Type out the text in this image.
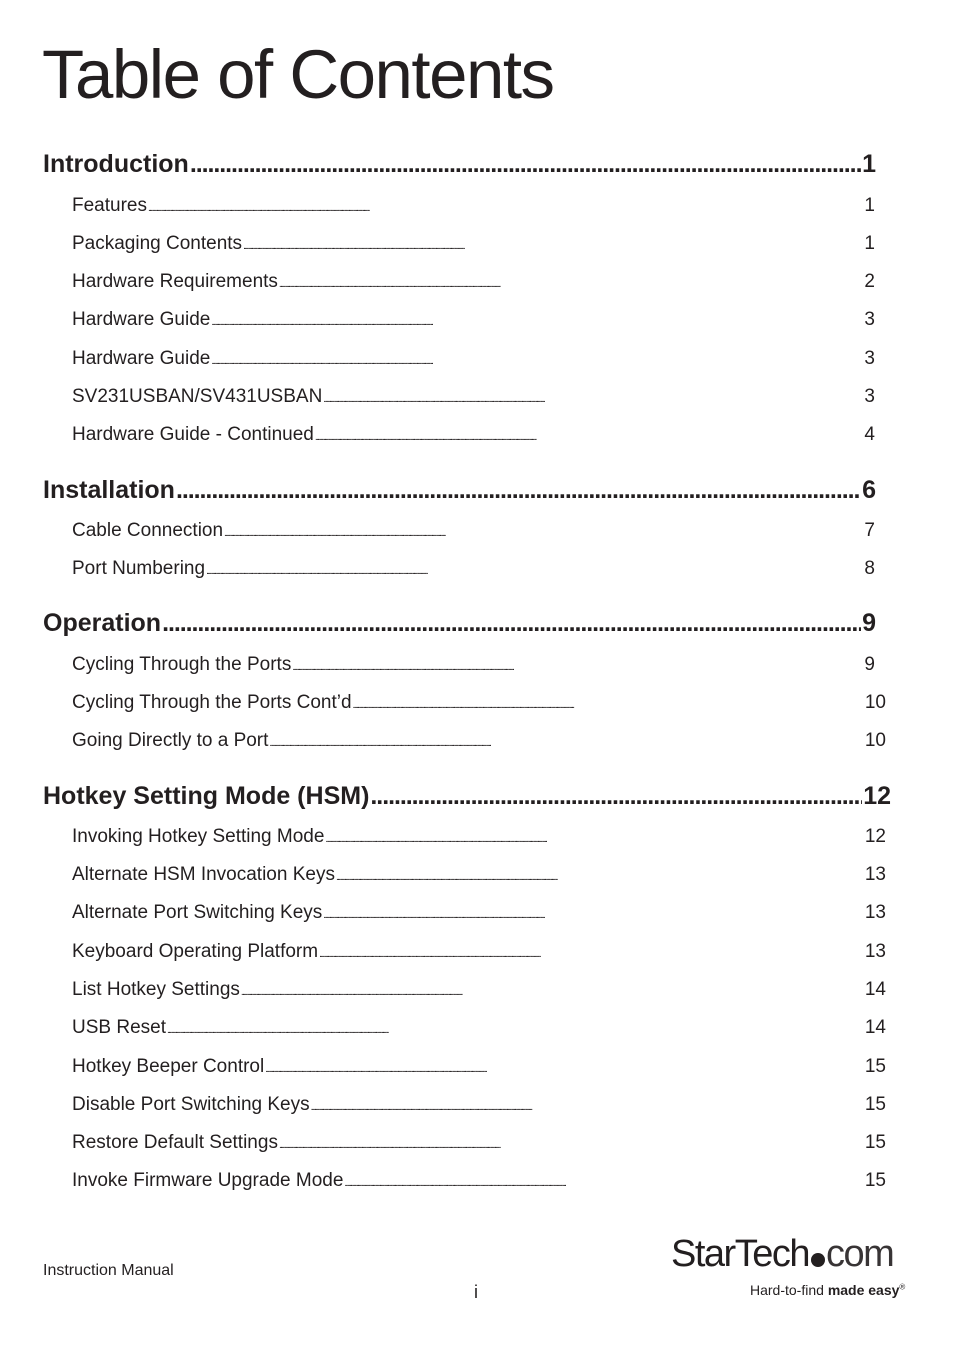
Table of Contents
Introduction . . .	1
Features . . .	1
Packaging Contents . . .	1
Hardware Requirements . . .	2
Hardware Guide . . .	3
Hardware Guide . . .	3
SV231USBAN/SV431USBAN . . .	3
Hardware Guide - Continued . . .	4
Installation . . .	6
Cable Connection . . .	7
Port Numbering . . .	8
Operation . . .	9
Cycling Through the Ports . . .	9
Cycling Through the Ports Cont’d . . .	10
Going Directly to a Port . . .	10
Hotkey Setting Mode (HSM) . . .	12
Invoking Hotkey Setting Mode . . .	12
Alternate HSM Invocation Keys . . .	13
Alternate Port Switching Keys . . .	13
Keyboard Operating Platform . . .	13
List Hotkey Settings . . .	14
USB Reset . . .	14
Hotkey Beeper Control . . .	15
Disable Port Switching Keys . . .	15
Restore Default Settings . . .	15
Invoke Firmware Upgrade Mode . . .	15
Instruction Manual
i
StarTech com
Hard-to-find made easy®
